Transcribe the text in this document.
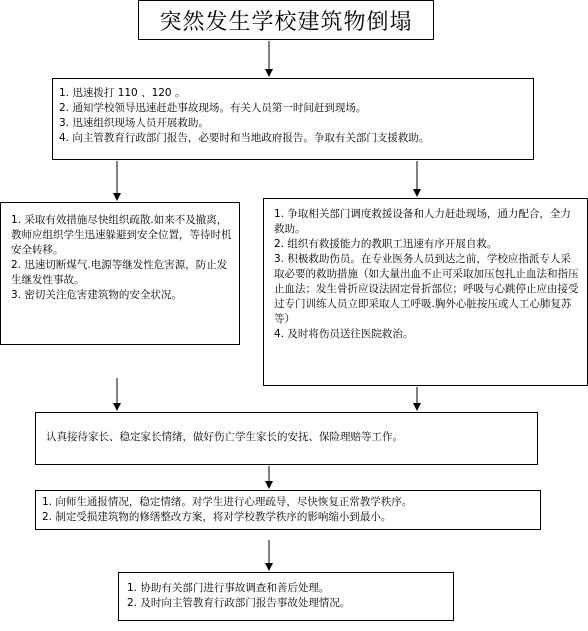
突然发生学校建筑物倒塌
1. 迅速拨打 110 、120 。
2. 通知学校领导迅速赶赴事故现场。有关人员第一时间赶到现场。
3. 迅速组织现场人员开展救助。
4. 向主管教育行政部门报告，必要时和当地政府报告。争取有关部门支援救助。
1. 采取有效措施尽快组织疏散.如来不及撤离，教师应组织学生迅速躲避到安全位置，等待时机安全转移。
2. 迅速切断煤气.电源等继发性危害源，防止发生继发性事故。
3. 密切关注危害建筑物的安全状况。
1. 争取相关部门调度救援设备和人力赶赴现场，通力配合，全力救助。
2. 组织有救援能力的教职工迅速有序开展自救。
3. 积极救助伤员。在专业医务人员到达之前，学校应指派专人采取必要的救助措施（如大量出血不止可采取加压包扎止血法和指压止血法；发生骨折应设法固定骨折部位；呼吸与心跳停止应由接受过专门训练人员立即采取人工呼吸.胸外心脏按压或人工心肺复苏等）
4. 及时将伤员送往医院救治。
认真接待家长、稳定家长情绪，做好伤亡学生家长的安抚、保险理赔等工作。
1. 向师生通报情况，稳定情绪。对学生进行心理疏导，尽快恢复正常教学秩序。
2. 制定受损建筑物的修缮整改方案，将对学校教学秩序的影响缩小到最小。
1. 协助有关部门进行事故调查和善后处理。
2. 及时向主管教育行政部门报告事故处理情况。
